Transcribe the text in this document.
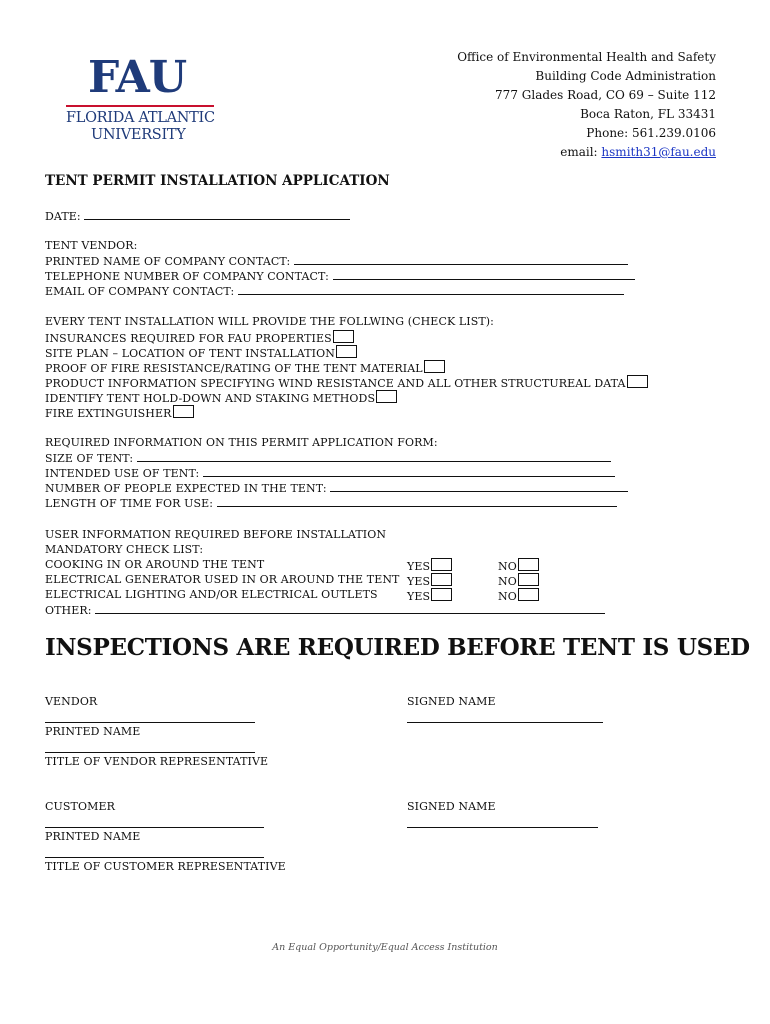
FAU
FLORIDA ATLANTIC
UNIVERSITY
Office of Environmental Health and Safety
Building Code Administration
777 Glades Road, CO 69 – Suite 112
Boca Raton, FL 33431
Phone: 561.239.0106
email: hsmith31@fau.edu
TENT PERMIT INSTALLATION APPLICATION
DATE:
TENT VENDOR:
PRINTED NAME OF COMPANY CONTACT:
TELEPHONE NUMBER OF COMPANY CONTACT:
EMAIL OF COMPANY CONTACT:
EVERY TENT INSTALLATION WILL PROVIDE THE FOLLWING (CHECK LIST):
INSURANCES REQUIRED FOR FAU PROPERTIES
SITE PLAN – LOCATION OF TENT INSTALLATION
PROOF OF FIRE RESISTANCE/RATING OF THE TENT MATERIAL
PRODUCT INFORMATION SPECIFYING WIND RESISTANCE AND ALL OTHER STRUCTUREAL DATA
IDENTIFY TENT HOLD-DOWN AND STAKING METHODS
FIRE EXTINGUISHER
REQUIRED INFORMATION ON THIS PERMIT APPLICATION FORM:
SIZE OF TENT:
INTENDED USE OF TENT:
NUMBER OF PEOPLE EXPECTED IN THE TENT:
LENGTH OF TIME FOR USE:
USER INFORMATION REQUIRED BEFORE INSTALLATION
MANDATORY CHECK LIST:
COOKING IN OR AROUND THE TENT
ELECTRICAL GENERATOR USED IN OR AROUND THE TENT
ELECTRICAL LIGHTING AND/OR ELECTRICAL OUTLETS
YES
YES
YES
NO
NO
NO
OTHER:
INSPECTIONS ARE REQUIRED BEFORE TENT IS USED
VENDOR	SIGNED NAME
PRINTED NAME
TITLE OF VENDOR REPRESENTATIVE
CUSTOMER	SIGNED NAME
PRINTED NAME
TITLE OF CUSTOMER REPRESENTATIVE
An Equal Opportunity/Equal Access Institution
